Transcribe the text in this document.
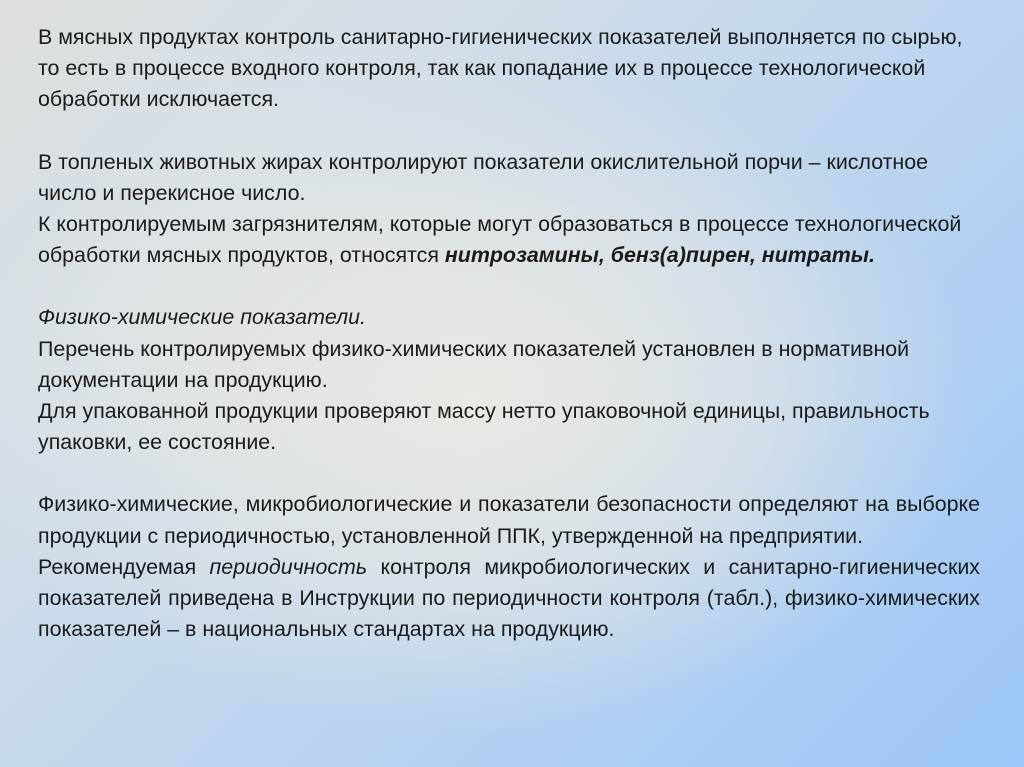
В мясных продуктах контроль санитарно-гигиенических показателей выполняется по сырью, то есть в процессе входного контроля, так как попадание их в процессе технологической обработки исключается.

В топленых животных жирах контролируют показатели окислительной порчи – кислотное число и перекисное число.

К контролируемым загрязнителям, которые могут образоваться в процессе технологической обработки мясных продуктов, относятся нитрозамины, бенз(а)пирен, нитраты.

Физико-химические показатели.

Перечень контролируемых физико-химических показателей установлен в нормативной документации на продукцию.

Для упакованной продукции проверяют массу нетто упаковочной единицы, правильность упаковки, ее состояние.

Физико-химические, микробиологические и показатели безопасности определяют на выборке продукции с периодичностью, установленной ППК, утвержденной на предприятии.

Рекомендуемая периодичность контроля микробиологических и санитарно-гигиенических показателей приведена в Инструкции по периодичности контроля (табл.), физико-химических показателей – в национальных стандартах на продукцию.
